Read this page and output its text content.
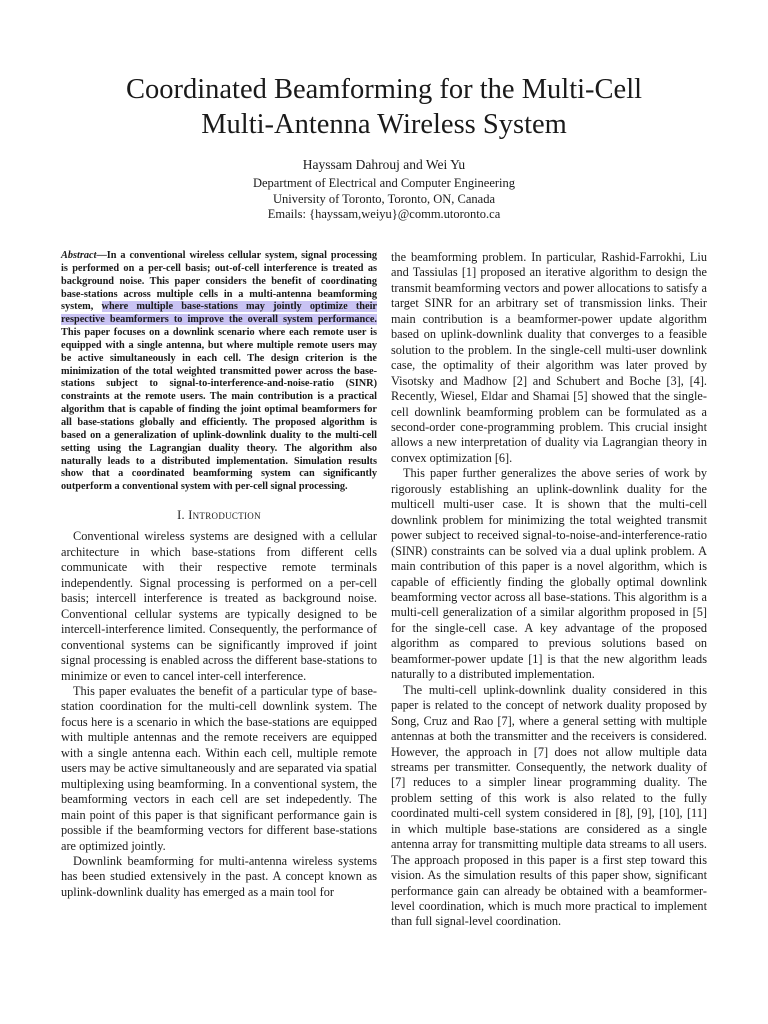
Coordinated Beamforming for the Multi-Cell
Multi-Antenna Wireless System
Hayssam Dahrouj and Wei Yu
Department of Electrical and Computer Engineering
University of Toronto, Toronto, ON, Canada
Emails: {hayssam,weiyu}@comm.utoronto.ca

Abstract—In a conventional wireless cellular system, signal processing is performed on a per-cell basis; out-of-cell interference is treated as background noise. This paper considers the benefit of coordinating base-stations across multiple cells in a multi-antenna beamforming system, where multiple base-stations may jointly optimize their respective beamformers to improve the overall system performance. This paper focuses on a downlink scenario where each remote user is equipped with a single antenna, but where multiple remote users may be active simultaneously in each cell. The design criterion is the minimization of the total weighted transmitted power across the base-stations subject to signal-to-interference-and-noise-ratio (SINR) constraints at the remote users. The main contribution is a practical algorithm that is capable of finding the joint optimal beamformers for all base-stations globally and efficiently. The proposed algorithm is based on a generalization of uplink-downlink duality to the multi-cell setting using the Lagrangian duality theory. The algorithm also naturally leads to a distributed implementation. Simulation results show that a coordinated beamforming system can significantly outperform a conventional system with per-cell signal processing.

I. Introduction

Conventional wireless systems are designed with a cellular architecture in which base-stations from different cells communicate with their respective remote terminals independently. Signal processing is performed on a per-cell basis; intercell interference is treated as background noise. Conventional cellular systems are typically designed to be intercell-interference limited. Consequently, the performance of conventional systems can be significantly improved if joint signal processing is enabled across the different base-stations to minimize or even to cancel inter-cell interference.

This paper evaluates the benefit of a particular type of base-station coordination for the multi-cell downlink system. The focus here is a scenario in which the base-stations are equipped with multiple antennas and the remote receivers are equipped with a single antenna each. Within each cell, multiple remote users may be active simultaneously and are separated via spatial multiplexing using beamforming. In a conventional system, the beamforming vectors in each cell are set indepedently. The main point of this paper is that significant performance gain is possible if the beamforming vectors for different base-stations are optimized jointly.

Downlink beamforming for multi-antenna wireless systems has been studied extensively in the past. A concept known as uplink-downlink duality has emerged as a main tool for

the beamforming problem. In particular, Rashid-Farrokhi, Liu and Tassiulas [1] proposed an iterative algorithm to design the transmit beamforming vectors and power allocations to satisfy a target SINR for an arbitrary set of transmission links. Their main contribution is a beamformer-power update algorithm based on uplink-downlink duality that converges to a feasible solution to the problem. In the single-cell multi-user downlink case, the optimality of their algorithm was later proved by Visotsky and Madhow [2] and Schubert and Boche [3], [4]. Recently, Wiesel, Eldar and Shamai [5] showed that the single-cell downlink beamforming problem can be formulated as a second-order cone-programming problem. This crucial insight allows a new interpretation of duality via Lagrangian theory in convex optimization [6].

This paper further generalizes the above series of work by rigorously establishing an uplink-downlink duality for the multicell multi-user case. It is shown that the multi-cell downlink problem for minimizing the total weighted transmit power subject to received signal-to-noise-and-interference-ratio (SINR) constraints can be solved via a dual uplink problem. A main contribution of this paper is a novel algorithm, which is capable of efficiently finding the globally optimal downlink beamforming vector across all base-stations. This algorithm is a multi-cell generalization of a similar algorithm proposed in [5] for the single-cell case. A key advantage of the proposed algorithm as compared to previous solutions based on beamformer-power update [1] is that the new algorithm leads naturally to a distributed implementation.

The multi-cell uplink-downlink duality considered in this paper is related to the concept of network duality proposed by Song, Cruz and Rao [7], where a general setting with multiple antennas at both the transmitter and the receivers is considered. However, the approach in [7] does not allow multiple data streams per transmitter. Consequently, the network duality of [7] reduces to a simpler linear programming duality. The problem setting of this work is also related to the fully coordinated multi-cell system considered in [8], [9], [10], [11] in which multiple base-stations are considered as a single antenna array for transmitting multiple data streams to all users. The approach proposed in this paper is a first step toward this vision. As the simulation results of this paper show, significant performance gain can already be obtained with a beamformer-level coordination, which is much more practical to implement than full signal-level coordination.
